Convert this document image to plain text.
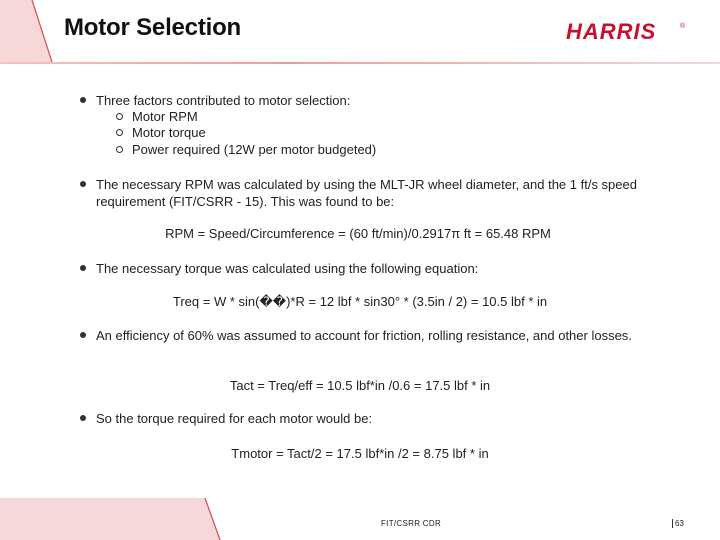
Motor Selection	HARRIS	®
Three factors contributed to motor selection:
Motor RPM
Motor torque
Power required (12W per motor budgeted)
The necessary RPM was calculated by using the MLT-JR wheel diameter, and the 1 ft/s speed requirement (FIT/CSRR - 15). This was found to be:
RPM = Speed/Circumference = (60 ft/min)/0.2917π ft = 65.48 RPM
The necessary torque was calculated using the following equation:
Treq = W * sin(��)*R = 12 lbf * sin30° * (3.5in / 2) = 10.5 lbf * in
An efficiency of 60% was assumed to account for friction, rolling resistance, and other losses.
Tact = Treq/eff = 10.5 lbf*in /0.6 = 17.5 lbf * in
So the torque required for each motor would be:
Tmotor = Tact/2 = 17.5 lbf*in /2 = 8.75 lbf * in
FIT/CSRR CDR	63
